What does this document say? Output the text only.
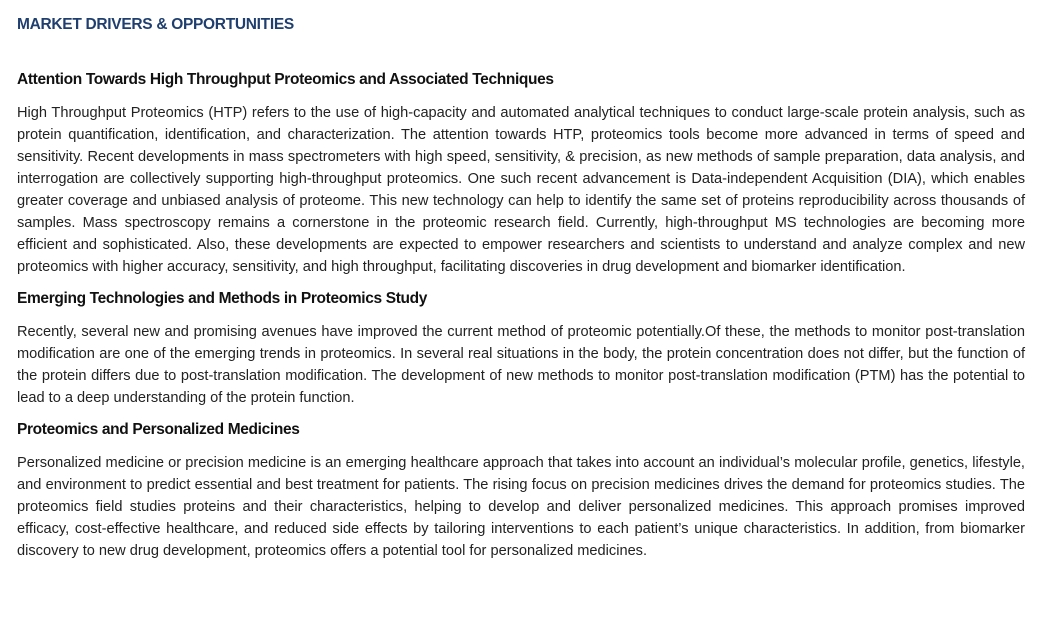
MARKET DRIVERS & OPPORTUNITIES
Attention Towards High Throughput Proteomics and Associated Techniques

High Throughput Proteomics (HTP) refers to the use of high-capacity and automated analytical techniques to conduct large-scale protein analysis, such as protein quantification, identification, and characterization. The attention towards HTP, proteomics tools become more advanced in terms of speed and sensitivity. Recent developments in mass spectrometers with high speed, sensitivity, & precision, as new methods of sample preparation, data analysis, and interrogation are collectively supporting high-throughput proteomics. One such recent advancement is Data-independent Acquisition (DIA), which enables greater coverage and unbiased analysis of proteome. This new technology can help to identify the same set of proteins reproducibility across thousands of samples. Mass spectroscopy remains a cornerstone in the proteomic research field. Currently, high-throughput MS technologies are becoming more efficient and sophisticated. Also, these developments are expected to empower researchers and scientists to understand and analyze complex and new proteomics with higher accuracy, sensitivity, and high throughput, facilitating discoveries in drug development and biomarker identification.

Emerging Technologies and Methods in Proteomics Study

Recently, several new and promising avenues have improved the current method of proteomic potentially.Of these, the methods to monitor post-translation modification are one of the emerging trends in proteomics. In several real situations in the body, the protein concentration does not differ, but the function of the protein differs due to post-translation modification. The development of new methods to monitor post-translation modification (PTM) has the potential to lead to a deep understanding of the protein function.

Proteomics and Personalized Medicines

Personalized medicine or precision medicine is an emerging healthcare approach that takes into account an individual’s molecular profile, genetics, lifestyle, and environment to predict essential and best treatment for patients. The rising focus on precision medicines drives the demand for proteomics studies. The proteomics field studies proteins and their characteristics, helping to develop and deliver personalized medicines. This approach promises improved efficacy, cost-effective healthcare, and reduced side effects by tailoring interventions to each patient’s unique characteristics. In addition, from biomarker discovery to new drug development, proteomics offers a potential tool for personalized medicines.
